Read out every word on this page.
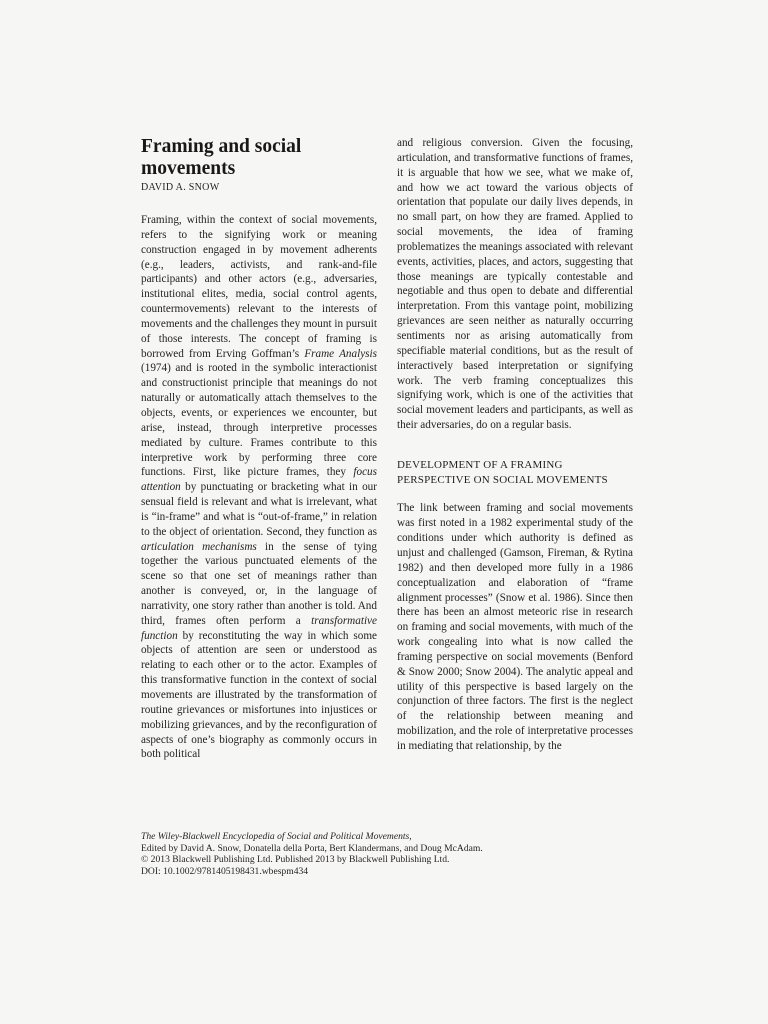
Framing and social
movements
DAVID A. SNOW

Framing, within the context of social movements, refers to the signifying work or meaning construction engaged in by movement adherents (e.g., leaders, activists, and rank-and-file participants) and other actors (e.g., adversaries, institutional elites, media, social control agents, countermovements) relevant to the interests of movements and the challenges they mount in pursuit of those interests. The concept of framing is borrowed from Erving Goffman’s Frame Analysis (1974) and is rooted in the symbolic interactionist and constructionist principle that meanings do not naturally or automatically attach themselves to the objects, events, or experiences we encounter, but arise, instead, through interpretive processes mediated by culture. Frames contribute to this interpretive work by performing three core functions. First, like picture frames, they focus attention by punctuating or bracketing what in our sensual field is relevant and what is irrelevant, what is “in-frame” and what is “out-of-frame,” in relation to the object of orientation. Second, they function as articulation mechanisms in the sense of tying together the various punctuated elements of the scene so that one set of meanings rather than another is conveyed, or, in the language of narrativity, one story rather than another is told. And third, frames often perform a transformative function by reconstituting the way in which some objects of attention are seen or understood as relating to each other or to the actor. Examples of this transformative function in the context of social movements are illustrated by the transformation of routine grievances or misfortunes into injustices or mobilizing grievances, and by the reconfiguration of aspects of one’s biography as commonly occurs in both political

and religious conversion. Given the focusing, articulation, and transformative functions of frames, it is arguable that how we see, what we make of, and how we act toward the various objects of orientation that populate our daily lives depends, in no small part, on how they are framed. Applied to social movements, the idea of framing problematizes the meanings associated with relevant events, activities, places, and actors, suggesting that those meanings are typically contestable and negotiable and thus open to debate and differential interpretation. From this vantage point, mobilizing grievances are seen neither as naturally occurring sentiments nor as arising automatically from specifiable material conditions, but as the result of interactively based interpretation or signifying work. The verb framing conceptualizes this signifying work, which is one of the activities that social movement leaders and participants, as well as their adversaries, do on a regular basis.

DEVELOPMENT OF A FRAMING
PERSPECTIVE ON SOCIAL MOVEMENTS

The link between framing and social movements was first noted in a 1982 experimental study of the conditions under which authority is defined as unjust and challenged (Gamson, Fireman, & Rytina 1982) and then developed more fully in a 1986 conceptualization and elaboration of “frame alignment processes” (Snow et al. 1986). Since then there has been an almost meteoric rise in research on framing and social movements, with much of the work congealing into what is now called the framing perspective on social movements (Benford & Snow 2000; Snow 2004). The analytic appeal and utility of this perspective is based largely on the conjunction of three factors. The first is the neglect of the relationship between meaning and mobilization, and the role of interpretative processes in mediating that relationship, by the

The Wiley-Blackwell Encyclopedia of Social and Political Movements,
Edited by David A. Snow, Donatella della Porta, Bert Klandermans, and Doug McAdam.
© 2013 Blackwell Publishing Ltd. Published 2013 by Blackwell Publishing Ltd.
DOI: 10.1002/9781405198431.wbespm434
